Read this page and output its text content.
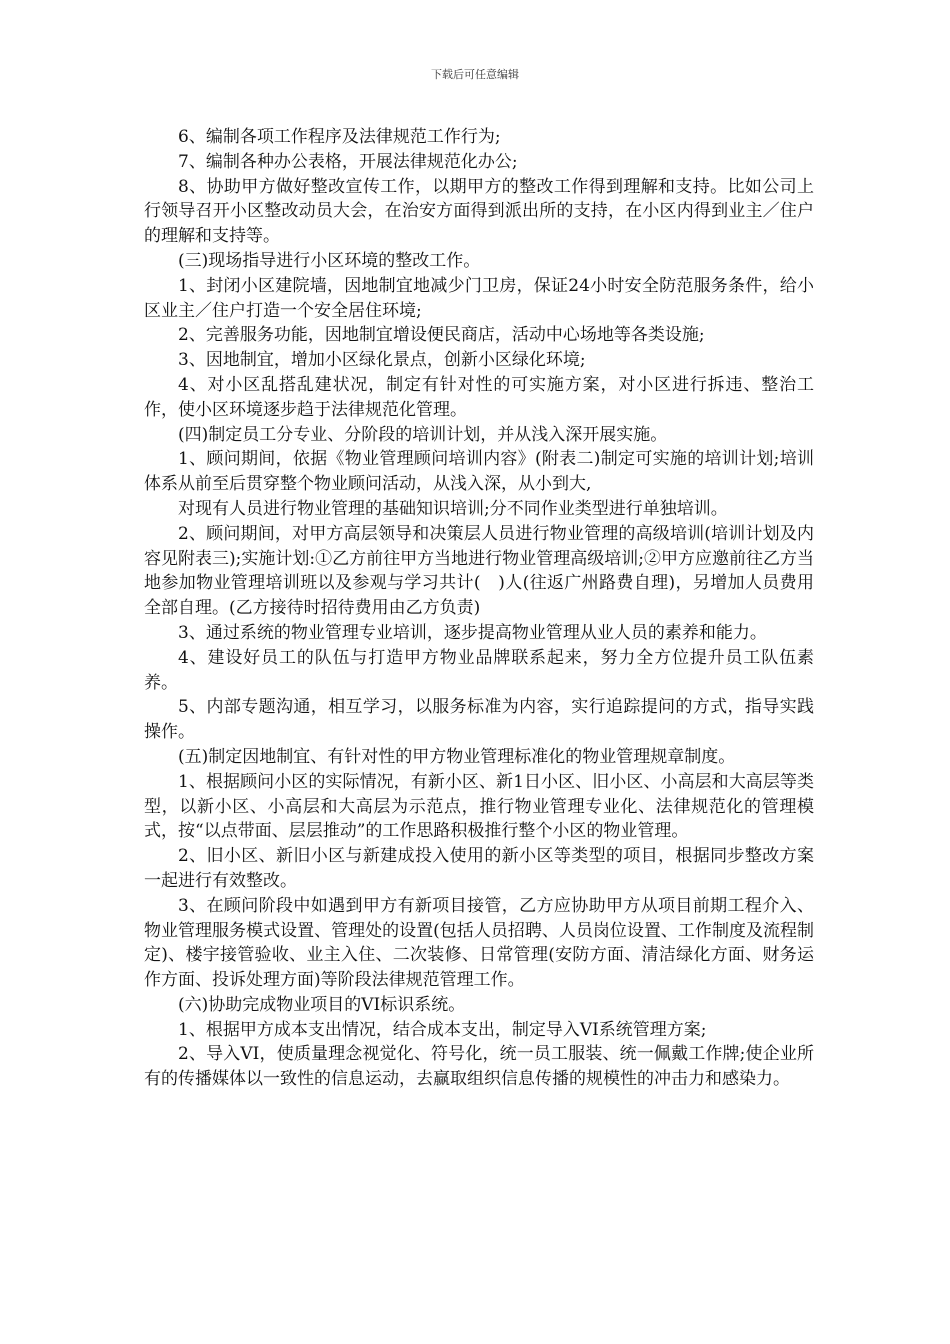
下载后可任意编辑

6、编制各项工作程序及法律规范工作行为;

7、编制各种办公表格，开展法律规范化办公;

8、协助甲方做好整改宣传工作，以期甲方的整改工作得到理解和支持。比如公司上行领导召开小区整改动员大会，在治安方面得到派出所的支持，在小区内得到业主／住户的理解和支持等。

(三)现场指导进行小区环境的整改工作。

1、封闭小区建院墙，因地制宜地减少门卫房，保证24小时安全防范服务条件，给小区业主／住户打造一个安全居住环境;

2、完善服务功能，因地制宜增设便民商店，活动中心场地等各类设施;

3、因地制宜，增加小区绿化景点，创新小区绿化环境;

4、对小区乱搭乱建状况，制定有针对性的可实施方案，对小区进行拆违、整治工作，使小区环境逐步趋于法律规范化管理。

(四)制定员工分专业、分阶段的培训计划，并从浅入深开展实施。

1、顾问期间，依据《物业管理顾问培训内容》(附表二)制定可实施的培训计划;培训体系从前至后贯穿整个物业顾问活动，从浅入深，从小到大,

对现有人员进行物业管理的基础知识培训;分不同作业类型进行单独培训。

2、顾问期间，对甲方高层领导和决策层人员进行物业管理的高级培训(培训计划及内容见附表三);实施计划:①乙方前往甲方当地进行物业管理高级培训;②甲方应邀前往乙方当地参加物业管理培训班以及参观与学习共计(　)人(往返广州路费自理)，另增加人员费用全部自理。(乙方接待时招待费用由乙方负责)

3、通过系统的物业管理专业培训，逐步提高物业管理从业人员的素养和能力。

4、建设好员工的队伍与打造甲方物业品牌联系起来，努力全方位提升员工队伍素养。

5、内部专题沟通，相互学习，以服务标准为内容，实行追踪提问的方式，指导实践操作。

(五)制定因地制宜、有针对性的甲方物业管理标准化的物业管理规章制度。

1、根据顾问小区的实际情况，有新小区、新1日小区、旧小区、小高层和大高层等类型，以新小区、小高层和大高层为示范点，推行物业管理专业化、法律规范化的管理模式，按“以点带面、层层推动”的工作思路积极推行整个小区的物业管理。

2、旧小区、新旧小区与新建成投入使用的新小区等类型的项目，根据同步整改方案一起进行有效整改。

3、在顾问阶段中如遇到甲方有新项目接管，乙方应协助甲方从项目前期工程介入、物业管理服务模式设置、管理处的设置(包括人员招聘、人员岗位设置、工作制度及流程制定)、楼宇接管验收、业主入住、二次装修、日常管理(安防方面、清洁绿化方面、财务运作方面、投诉处理方面)等阶段法律规范管理工作。

(六)协助完成物业项目的VI标识系统。

1、根据甲方成本支出情况，结合成本支出，制定导入VI系统管理方案;

2、导入VI，使质量理念视觉化、符号化，统一员工服装、统一佩戴工作牌;使企业所有的传播媒体以一致性的信息运动，去赢取组织信息传播的规模性的冲击力和感染力。
